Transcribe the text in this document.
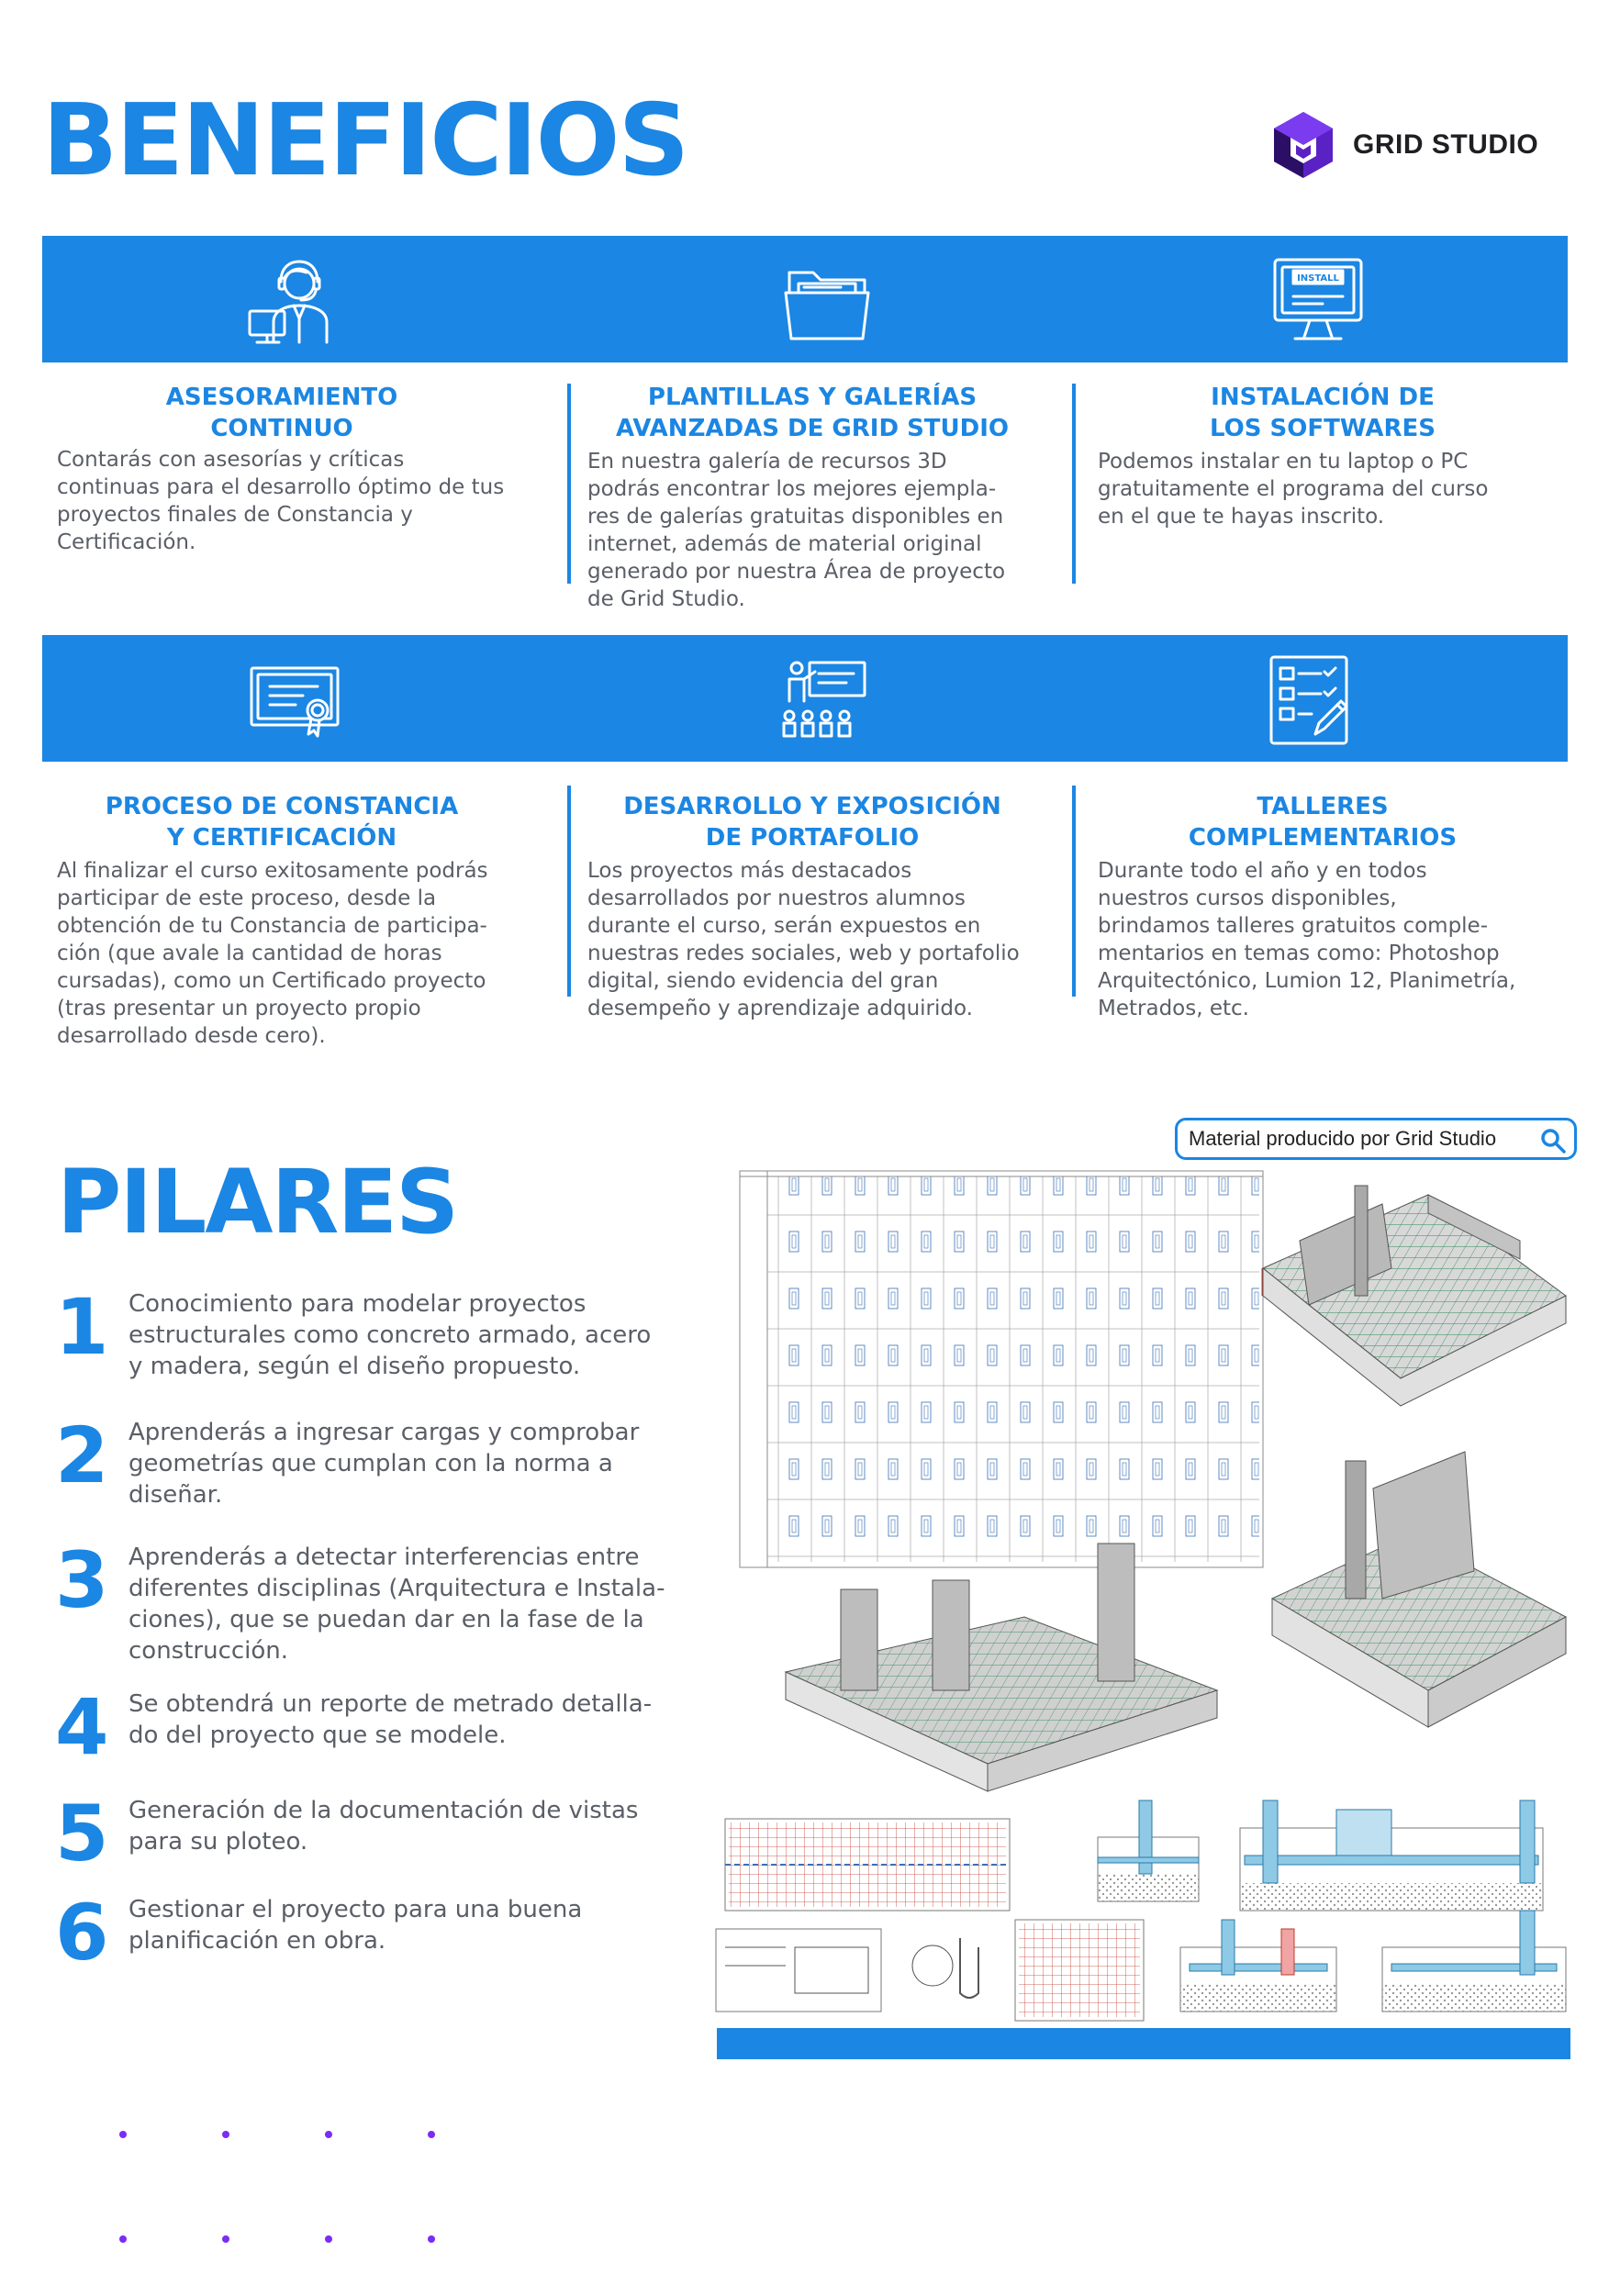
BENEFICIOS	GRID STUDIO
INSTALL
ASESORAMIENTO
CONTINUO
Contarás con asesorías y críticas
continuas para el desarrollo óptimo de tus
proyectos finales de Constancia y
Certificación.
PLANTILLAS Y GALERÍAS
AVANZADAS DE GRID STUDIO
En nuestra galería de recursos 3D
podrás encontrar los mejores ejempla-
res de galerías gratuitas disponibles en
internet, además de material original
generado por nuestra Área de proyecto
de Grid Studio.
INSTALACIÓN DE
LOS SOFTWARES
Podemos instalar en tu laptop o PC
gratuitamente el programa del curso
en el que te hayas inscrito.
PROCESO DE CONSTANCIA
Y CERTIFICACIÓN
Al finalizar el curso exitosamente podrás
participar de este proceso, desde la
obtención de tu Constancia de participa-
ción (que avale la cantidad de horas
cursadas), como un Certificado proyecto
(tras presentar un proyecto propio
desarrollado desde cero).
DESARROLLO Y EXPOSICIÓN
DE PORTAFOLIO
Los proyectos más destacados
desarrollados por nuestros alumnos
durante el curso, serán expuestos en
nuestras redes sociales, web y portafolio
digital, siendo evidencia del gran
desempeño y aprendizaje adquirido.
TALLERES
COMPLEMENTARIOS
Durante todo el año y en todos
nuestros cursos disponibles,
brindamos talleres gratuitos comple-
mentarios en temas como: Photoshop
Arquitectónico, Lumion 12, Planimetría,
Metrados, etc.
PILARES
1 Conocimiento para modelar proyectos
estructurales como concreto armado, acero
y madera, según el diseño propuesto.
2 Aprenderás a ingresar cargas y comprobar
geometrías que cumplan con la norma a
diseñar.
3 Aprenderás a detectar interferencias entre
diferentes disciplinas (Arquitectura e Instala-
ciones), que se puedan dar en la fase de la
construcción.
4 Se obtendrá un reporte de metrado detalla-
do del proyecto que se modele.
5 Generación de la documentación de vistas
para su ploteo.
6 Gestionar el proyecto para una buena
planificación en obra.
Material producido por Grid Studio
